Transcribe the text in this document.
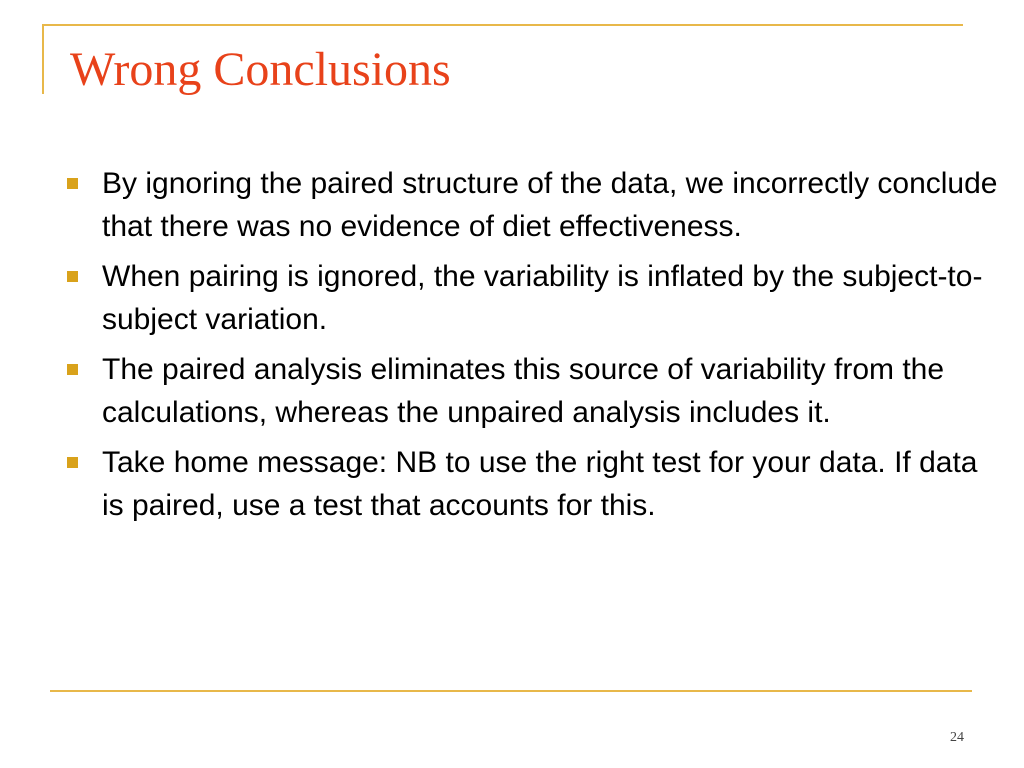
Wrong Conclusions
By ignoring the paired structure of the data, we incorrectly conclude that there was no evidence of diet effectiveness.
When pairing is ignored, the variability is inflated by the subject-to-subject variation.
The paired analysis eliminates this source of variability from the calculations, whereas the unpaired analysis includes it.
Take home message: NB to use the right test for your data. If data is paired, use a test that accounts for this.
24
